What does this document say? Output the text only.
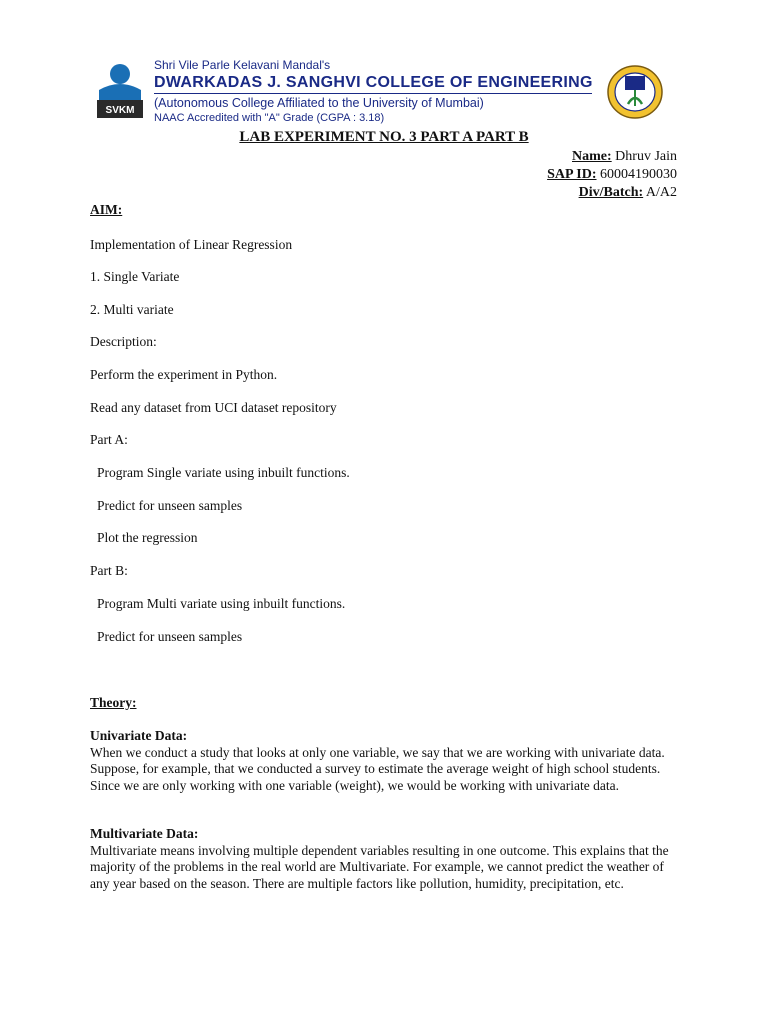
SVKM
Shri Vile Parle Kelavani Mandal's
DWARKADAS J. SANGHVI COLLEGE OF ENGINEERING
(Autonomous College Affiliated to the University of Mumbai)
NAAC Accredited with "A" Grade (CGPA : 3.18)
LAB EXPERIMENT NO. 3 PART A PART B
Name: Dhruv Jain
SAP ID: 60004190030
Div/Batch: A/A2
AIM:
Implementation of Linear Regression
1. Single Variate
2. Multi variate
Description:
Perform the experiment in Python.
Read any dataset from UCI dataset repository
Part A:
Program Single variate using inbuilt functions.
Predict for unseen samples
Plot the regression
Part B:
Program Multi variate using inbuilt functions.
Predict for unseen samples
Theory:
Univariate Data:
When we conduct a study that looks at only one variable, we say that we are working with univariate data. Suppose, for example, that we conducted a survey to estimate the average weight of high school students. Since we are only working with one variable (weight), we would be working with univariate data.
Multivariate Data:
Multivariate means involving multiple dependent variables resulting in one outcome. This explains that the majority of the problems in the real world are Multivariate. For example, we cannot predict the weather of any year based on the season. There are multiple factors like pollution, humidity, precipitation, etc.
